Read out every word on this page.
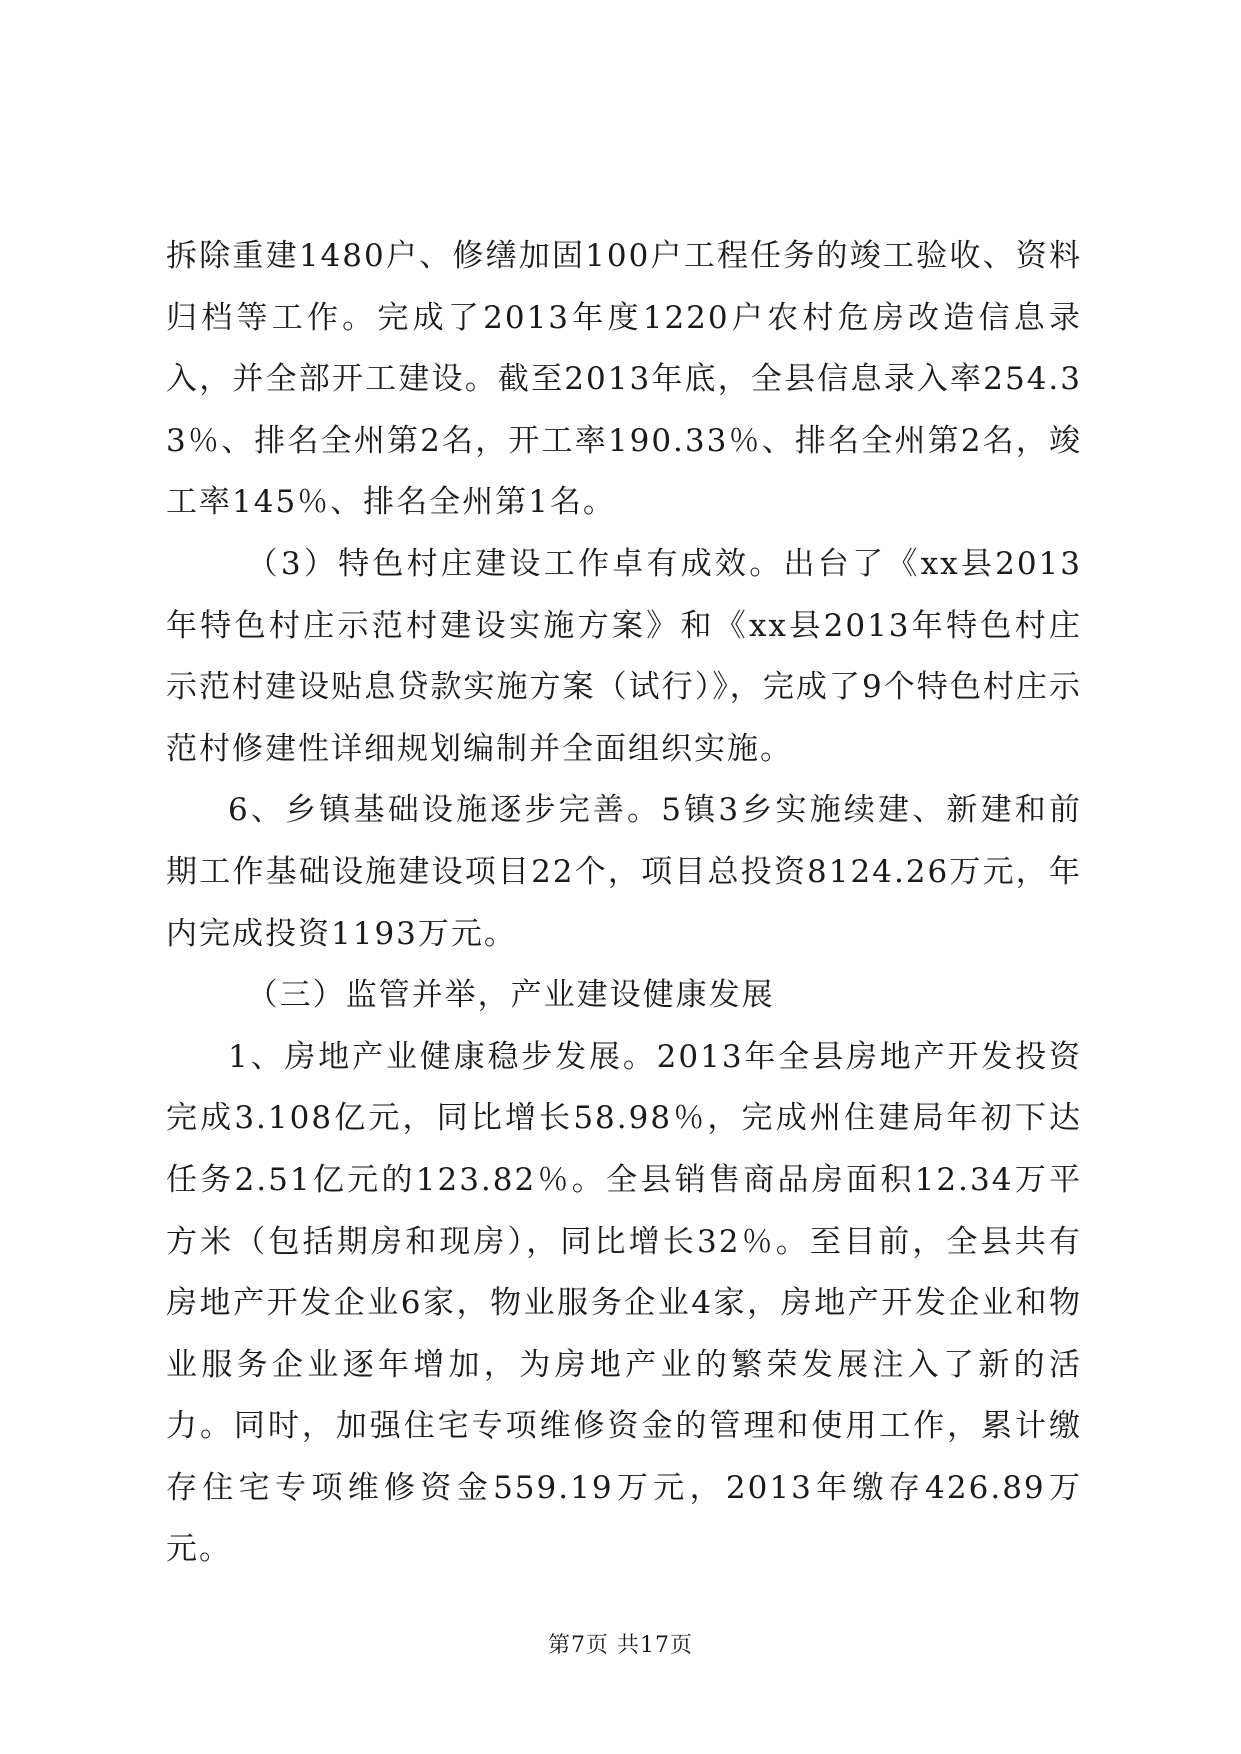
拆除重建1480户、修缮加固100户工程任务的竣工验收、资料归档等工作。完成了2013年度1220户农村危房改造信息录入，并全部开工建设。截至2013年底，全县信息录入率254.33％、排名全州第2名，开工率190.33％、排名全州第2名，竣工率145％、排名全州第1名。

（3）特色村庄建设工作卓有成效。出台了《xx县2013年特色村庄示范村建设实施方案》和《xx县2013年特色村庄示范村建设贴息贷款实施方案（试行）》，完成了9个特色村庄示范村修建性详细规划编制并全面组织实施。

6、乡镇基础设施逐步完善。5镇3乡实施续建、新建和前期工作基础设施建设项目22个，项目总投资8124.26万元，年内完成投资1193万元。

（三）监管并举，产业建设健康发展

1、房地产业健康稳步发展。2013年全县房地产开发投资完成3.108亿元，同比增长58.98％，完成州住建局年初下达任务2.51亿元的123.82％。全县销售商品房面积12.34万平方米（包括期房和现房），同比增长32％。至目前，全县共有房地产开发企业6家，物业服务企业4家，房地产开发企业和物业服务企业逐年增加，为房地产业的繁荣发展注入了新的活力。同时，加强住宅专项维修资金的管理和使用工作，累计缴存住宅专项维修资金559.19万元，2013年缴存426.89万元。

第7页 共17页
